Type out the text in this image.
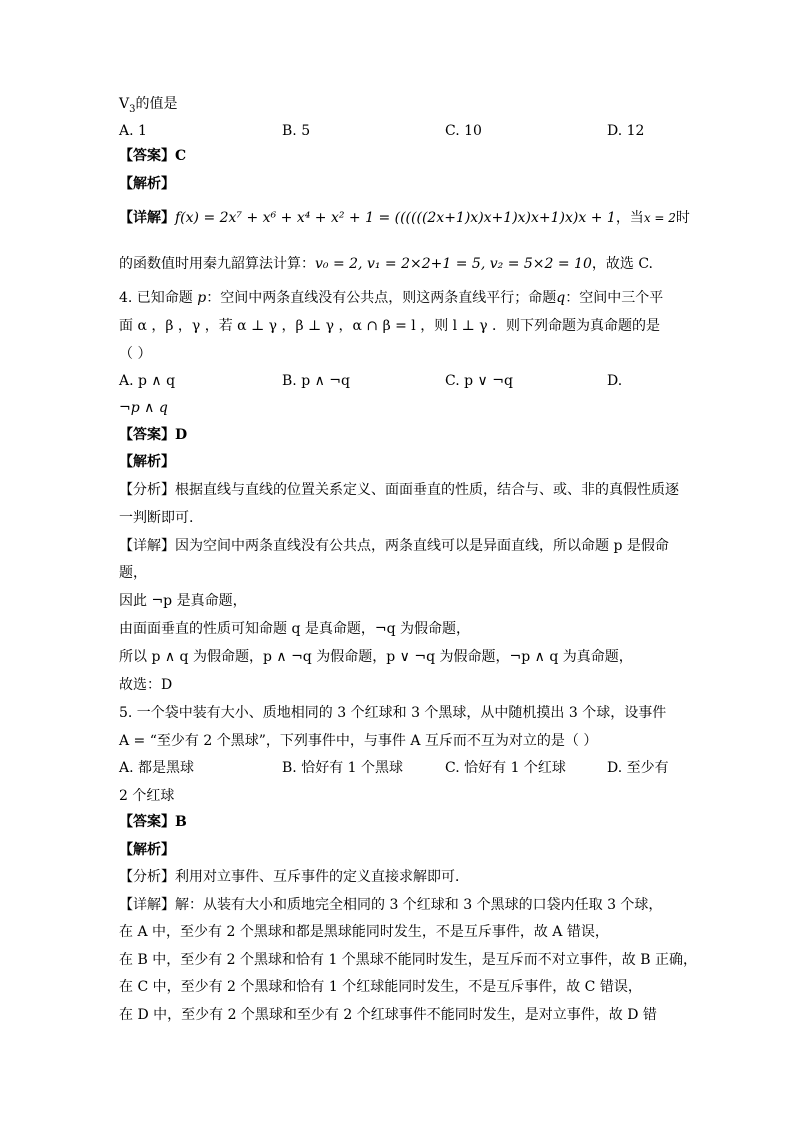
$V_3$的值是
A. 1	B. 5	C. 10	D. 12
【答案】C
【解析】
【详解】f(x) = 2x⁷ + x⁶ + x⁴ + x² + 1 = ((((((2x+1)x)x+1)x)x+1)x)x + 1，当x = 2时
的函数值时用秦九韶算法计算：v₀ = 2, v₁ = 2×2+1 = 5, v₂ = 5×2 = 10，故选 C.
4. 已知命题 p：空间中两条直线没有公共点，则这两条直线平行；命题q：空间中三个平
面 α ，β ，γ ，若 α ⊥ γ ，β ⊥ γ ，α ∩ β = l ，则 l ⊥ γ ．则下列命题为真命题的是
（ ）
A. p ∧ q	B. p ∧ ¬q	C. p ∨ ¬q	D.
¬p ∧ q
【答案】D
【解析】
【分析】根据直线与直线的位置关系定义、面面垂直的性质，结合与、或、非的真假性质逐
一判断即可.
【详解】因为空间中两条直线没有公共点，两条直线可以是异面直线，所以命题 p 是假命
题，
因此 ¬p 是真命题，
由面面垂直的性质可知命题 q 是真命题，¬q 为假命题，
所以 p ∧ q 为假命题，p ∧ ¬q 为假命题，p ∨ ¬q 为假命题，¬p ∧ q 为真命题，
故选：D
5. 一个袋中装有大小、质地相同的 3 个红球和 3 个黑球，从中随机摸出 3 个球，设事件
A = “至少有 2 个黑球”，下列事件中，与事件 A 互斥而不互为对立的是（ ）
A. 都是黑球	B. 恰好有 1 个黑球	C. 恰好有 1 个红球	D. 至少有
2 个红球
【答案】B
【解析】
【分析】利用对立事件、互斥事件的定义直接求解即可．
【详解】解：从装有大小和质地完全相同的 3 个红球和 3 个黑球的口袋内任取 3 个球，
在 A 中，至少有 2 个黑球和都是黑球能同时发生，不是互斥事件，故 A 错误，
在 B 中，至少有 2 个黑球和恰有 1 个黑球不能同时发生，是互斥而不对立事件，故 B 正确，
在 C 中，至少有 2 个黑球和恰有 1 个红球能同时发生，不是互斥事件，故 C 错误，
在 D 中，至少有 2 个黑球和至少有 2 个红球事件不能同时发生，是对立事件，故 D 错
